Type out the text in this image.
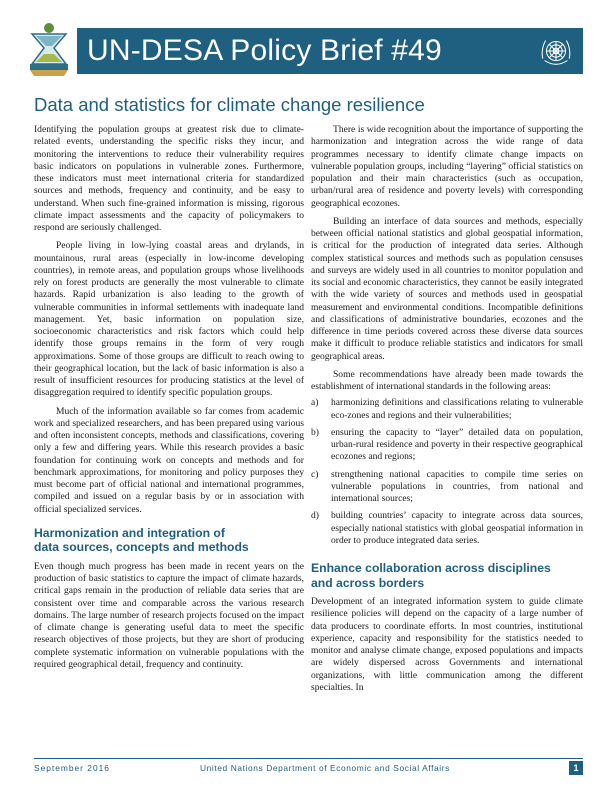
UN-DESA Policy Brief #49
Data and statistics for climate change resilience

Identifying the population groups at greatest risk due to climate-related events, understanding the specific risks they incur, and monitoring the interventions to reduce their vulnerability requires basic indicators on populations in vulnerable zones. Furthermore, these indicators must meet international criteria for standardized sources and methods, frequency and continuity, and be easy to understand. When such fine-grained information is missing, rigorous climate impact assessments and the capacity of policymakers to respond are seriously challenged.

People living in low-lying coastal areas and drylands, in mountainous, rural areas (especially in low-income developing countries), in remote areas, and population groups whose livelihoods rely on forest products are generally the most vulnerable to climate hazards. Rapid urbanization is also leading to the growth of vulnerable communities in informal settlements with inadequate land management. Yet, basic information on population size, socioeconomic characteristics and risk factors which could help identify those groups remains in the form of very rough approximations. Some of those groups are difficult to reach owing to their geographical location, but the lack of basic information is also a result of insufficient resources for producing statistics at the level of disaggregation required to identify specific population groups.

Much of the information available so far comes from academic work and specialized researchers, and has been prepared using various and often inconsistent concepts, methods and classifications, covering only a few and differing years. While this research provides a basic foundation for continuing work on concepts and methods and for benchmark approximations, for monitoring and policy purposes they must become part of official national and international programmes, compiled and issued on a regular basis by or in association with official specialized services.

Harmonization and integration of
data sources, concepts and methods

Even though much progress has been made in recent years on the production of basic statistics to capture the impact of climate hazards, critical gaps remain in the production of reliable data series that are consistent over time and comparable across the various research domains. The large number of research projects focused on the impact of climate change is generating useful data to meet the specific research objectives of those projects, but they are short of producing complete systematic information on vulnerable populations with the required geographical detail, frequency and continuity.

There is wide recognition about the importance of supporting the harmonization and integration across the wide range of data programmes necessary to identify climate change impacts on vulnerable population groups, including “layering” official statistics on population and their main characteristics (such as occupation, urban/rural area of residence and poverty levels) with corresponding geographical ecozones.

Building an interface of data sources and methods, especially between official national statistics and global geospatial information, is critical for the production of integrated data series. Although complex statistical sources and methods such as population censuses and surveys are widely used in all countries to monitor population and its social and economic characteristics, they cannot be easily integrated with the wide variety of sources and methods used in geospatial measurement and environmental conditions. Incompatible definitions and classifications of administrative boundaries, ecozones and the difference in time periods covered across these diverse data sources make it difficult to produce reliable statistics and indicators for small geographical areas.

Some recommendations have already been made towards the establishment of international standards in the following areas:

a) harmonizing definitions and classifications relating to vulnerable eco-zones and regions and their vulnerabilities;
b) ensuring the capacity to “layer” detailed data on population, urban-rural residence and poverty in their respective geographical ecozones and regions;
c) strengthening national capacities to compile time series on vulnerable populations in countries, from national and international sources;
d) building countries’ capacity to integrate across data sources, especially national statistics with global geospatial information in order to produce integrated data series.
Enhance collaboration across disciplines
and across borders

Development of an integrated information system to guide climate resilience policies will depend on the capacity of a large number of data producers to coordinate efforts. In most countries, institutional experience, capacity and responsibility for the statistics needed to monitor and analyse climate change, exposed populations and impacts are widely dispersed across Governments and international organizations, with little communication among the different specialties. In

September 2016	United Nations Department of Economic and Social Affairs	1
